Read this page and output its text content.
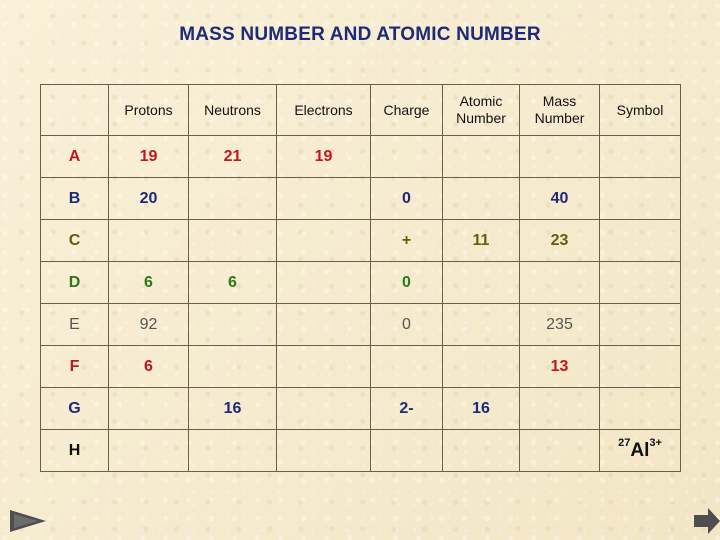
MASS NUMBER AND ATOMIC NUMBER
	Protons	Neutrons	Electrons	Charge	Atomic Number	Mass Number	Symbol
A	19	21	19				
B	20			0		40	
C				+	11	23	
D	6	6		0			
E	92			0		235	
F	6					13	
G		16		2-	16		
H							$^{27}Al^{3+}$
